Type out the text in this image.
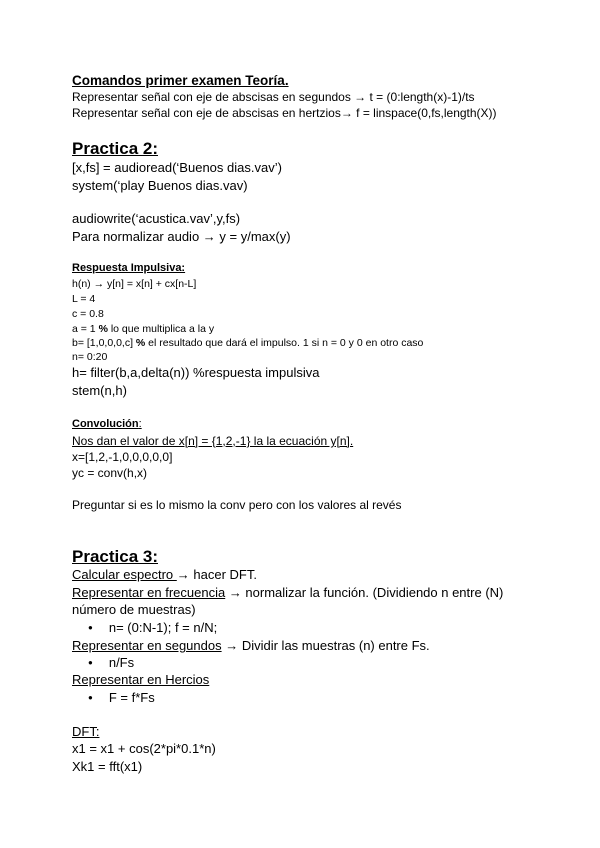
Comandos primer examen Teoría.
Representar señal con eje de abscisas en segundos → t = (0:length(x)-1)/ts
Representar señal con eje de abscisas en hertzios→ f = linspace(0,fs,length(X))
Practica 2:
[x,fs] = audioread(‘Buenos dias.vav’)
system(‘play Buenos dias.vav)
audiowrite(‘acustica.vav’,y,fs)
Para normalizar audio → y = y/max(y)
Respuesta Impulsiva:
h(n) → y[n] = x[n] + cx[n-L]
L = 4
c = 0.8
a = 1 % lo que multiplica a la y
b= [1,0,0,0,c] % el resultado que dará el impulso. 1 si n = 0 y 0 en otro caso
n= 0:20
h= filter(b,a,delta(n)) %respuesta impulsiva
stem(n,h)
Convolución:
Nos dan el valor de x[n] = {1,2,-1} la la ecuación y[n].
x=[1,2,-1,0,0,0,0,0]
yc = conv(h,x)
Preguntar si es lo mismo la conv pero con los valores al revés
Practica 3:
Calcular espectro → hacer DFT.
Representar en frecuencia → normalizar la función. (Dividiendo n entre (N)
número de muestras)
● n= (0:N-1); f = n/N;
Representar en segundos → Dividir las muestras (n) entre Fs.
● n/Fs
Representar en Hercios
● F = f*Fs
DFT:
x1 = x1 + cos(2*pi*0.1*n)
Xk1 = fft(x1)
